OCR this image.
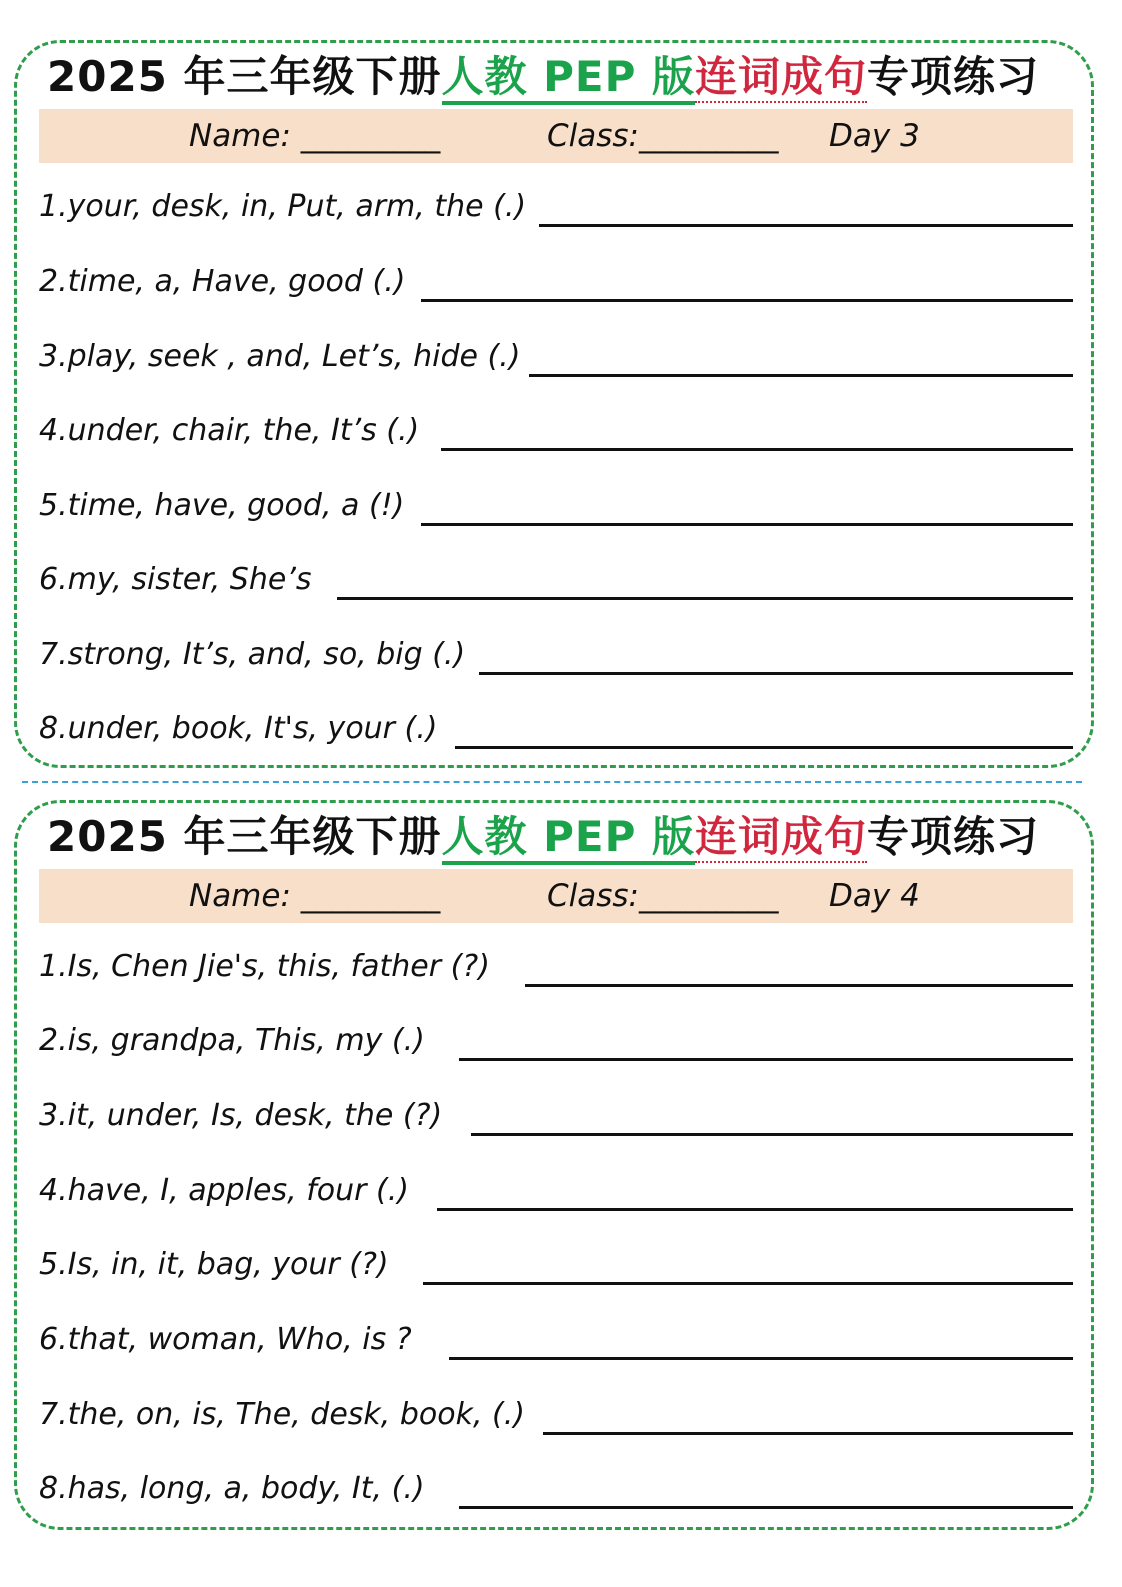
2025 年三年级下册人教 PEP 版连词成句专项练习
Name: _________	Class:_________ Day 3
1.your, desk, in, Put, arm, the (.)
2.time, a, Have, good (.)
3.play, seek , and, Let’s, hide (.)
4.under, chair, the, It’s (.)
5.time, have, good, a (!)
6.my, sister, She’s
7.strong, It’s, and, so, big (.)
8.under, book, It's, your (.)
2025 年三年级下册人教 PEP 版连词成句专项练习
Name: _________	Class:_________ Day 4
1.Is, Chen Jie's, this, father (?)
2.is, grandpa, This, my (.)
3.it, under, Is, desk, the (?)
4.have, I, apples, four (.)
5.Is, in, it, bag, your (?)
6.that, woman, Who, is ?
7.the, on, is, The, desk, book, (.)
8.has, long, a, body, It, (.)
